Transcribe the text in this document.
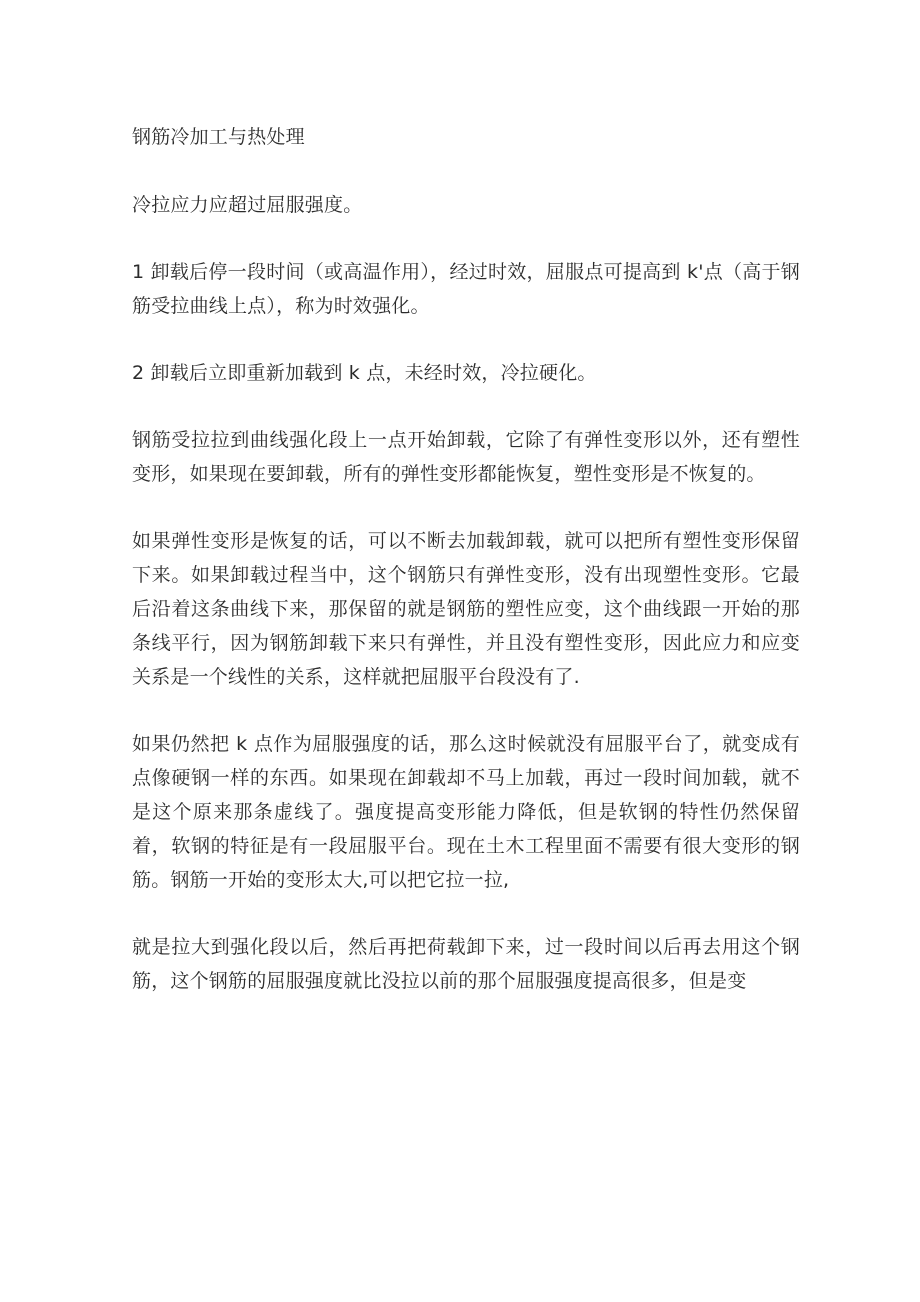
钢筋冷加工与热处理

冷拉应力应超过屈服强度。

1 卸载后停一段时间（或高温作用），经过时效，屈服点可提高到 k'点（高于钢筋受拉曲线上点），称为时效强化。

2 卸载后立即重新加载到 k 点，未经时效，冷拉硬化。

钢筋受拉拉到曲线强化段上一点开始卸载，它除了有弹性变形以外，还有塑性变形，如果现在要卸载，所有的弹性变形都能恢复，塑性变形是不恢复的。

如果弹性变形是恢复的话，可以不断去加载卸载，就可以把所有塑性变形保留下来。如果卸载过程当中，这个钢筋只有弹性变形，没有出现塑性变形。它最后沿着这条曲线下来，那保留的就是钢筋的塑性应变，这个曲线跟一开始的那条线平行，因为钢筋卸载下来只有弹性，并且没有塑性变形，因此应力和应变关系是一个线性的关系，这样就把屈服平台段没有了.

如果仍然把 k 点作为屈服强度的话，那么这时候就没有屈服平台了，就变成有点像硬钢一样的东西。如果现在卸载却不马上加载，再过一段时间加载，就不是这个原来那条虚线了。强度提高变形能力降低，但是软钢的特性仍然保留着，软钢的特征是有一段屈服平台。现在土木工程里面不需要有很大变形的钢筋。钢筋一开始的变形太大,可以把它拉一拉,

就是拉大到强化段以后，然后再把荷载卸下来，过一段时间以后再去用这个钢筋，这个钢筋的屈服强度就比没拉以前的那个屈服强度提高很多，但是变
